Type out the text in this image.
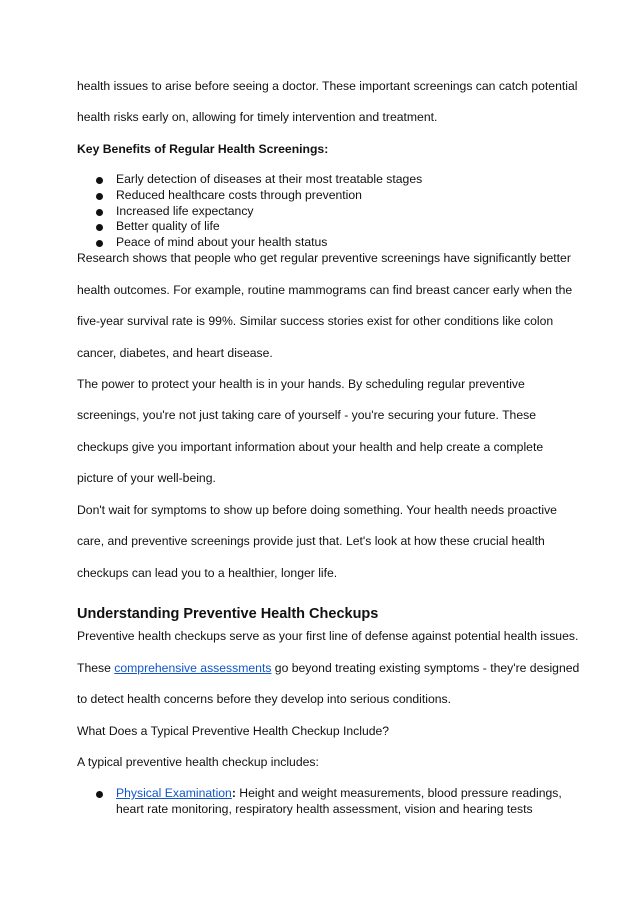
health issues to arise before seeing a doctor. These important screenings can catch potential

health risks early on, allowing for timely intervention and treatment.

Key Benefits of Regular Health Screenings:

Early detection of diseases at their most treatable stages
Reduced healthcare costs through prevention
Increased life expectancy
Better quality of life
Peace of mind about your health status

Research shows that people who get regular preventive screenings have significantly better

health outcomes. For example, routine mammograms can find breast cancer early when the

five-year survival rate is 99%. Similar success stories exist for other conditions like colon

cancer, diabetes, and heart disease.

The power to protect your health is in your hands. By scheduling regular preventive

screenings, you're not just taking care of yourself - you're securing your future. These

checkups give you important information about your health and help create a complete

picture of your well-being.

Don't wait for symptoms to show up before doing something. Your health needs proactive

care, and preventive screenings provide just that. Let's look at how these crucial health

checkups can lead you to a healthier, longer life.

Understanding Preventive Health Checkups

Preventive health checkups serve as your first line of defense against potential health issues.

These comprehensive assessments go beyond treating existing symptoms - they're designed

to detect health concerns before they develop into serious conditions.

What Does a Typical Preventive Health Checkup Include?

A typical preventive health checkup includes:

Physical Examination: Height and weight measurements, blood pressure readings,
heart rate monitoring, respiratory health assessment, vision and hearing tests
